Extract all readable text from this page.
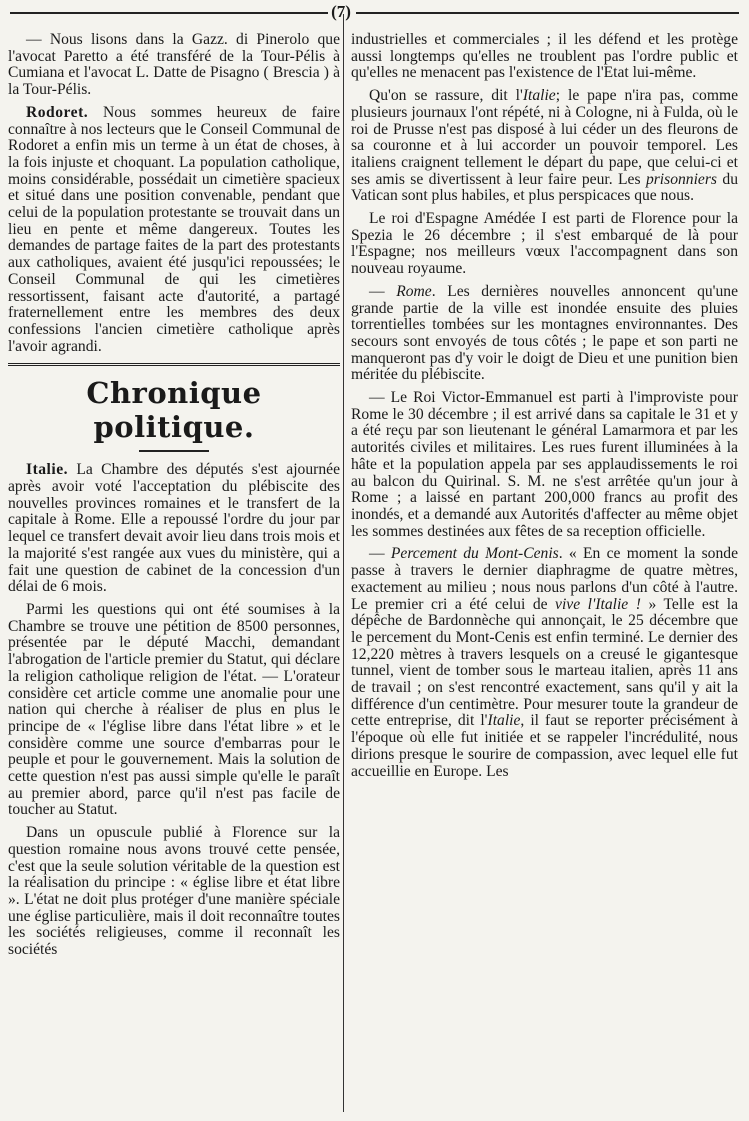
(7)

— Nous lisons dans la Gazz. di Pinerolo que l'avocat Paretto a été transféré de la Tour-Pélis à Cumiana et l'avocat L. Datte de Pisagno ( Brescia ) à la Tour-Pélis.

Rodoret. Nous sommes heureux de faire connaître à nos lecteurs que le Conseil Communal de Rodoret a enfin mis un terme à un état de choses, à la fois injuste et choquant. La population catholique, moins considérable, possédait un cimetière spacieux et situé dans une position convenable, pendant que celui de la population protestante se trouvait dans un lieu en pente et même dangereux. Toutes les demandes de partage faites de la part des protestants aux catholiques, avaient été jusqu'ici repoussées; le Conseil Communal de qui les cimetières ressortissent, faisant acte d'autorité, a partagé fraternellement entre les membres des deux confessions l'ancien cimetière catholique après l'avoir agrandi.

Chronique politique.

Italie. La Chambre des députés s'est ajournée après avoir voté l'acceptation du plébiscite des nouvelles provinces romaines et le transfert de la capitale à Rome. Elle a repoussé l'ordre du jour par lequel ce transfert devait avoir lieu dans trois mois et la majorité s'est rangée aux vues du ministère, qui a fait une question de cabinet de la concession d'un délai de 6 mois.

Parmi les questions qui ont été soumises à la Chambre se trouve une pétition de 8500 personnes, présentée par le député Macchi, demandant l'abrogation de l'article premier du Statut, qui déclare la religion catholique religion de l'état. — L'orateur considère cet article comme une anomalie pour une nation qui cherche à réaliser de plus en plus le principe de « l'église libre dans l'état libre » et le considère comme une source d'embarras pour le peuple et pour le gouvernement. Mais la solution de cette question n'est pas aussi simple qu'elle le paraît au premier abord, parce qu'il n'est pas facile de toucher au Statut.

Dans un opuscule publié à Florence sur la question romaine nous avons trouvé cette pensée, c'est que la seule solution véritable de la question est la réalisation du principe : « église libre et état libre ». L'état ne doit plus protéger d'une manière spéciale une église particulière, mais il doit reconnaître toutes les sociétés religieuses, comme il reconnaît les sociétés

industrielles et commerciales ; il les défend et les protège aussi longtemps qu'elles ne troublent pas l'ordre public et qu'elles ne menacent pas l'existence de l'Etat lui-même.

Qu'on se rassure, dit l'Italie; le pape n'ira pas, comme plusieurs journaux l'ont répété, ni à Cologne, ni à Fulda, où le roi de Prusse n'est pas disposé à lui céder un des fleurons de sa couronne et à lui accorder un pouvoir temporel. Les italiens craignent tellement le départ du pape, que celui-ci et ses amis se divertissent à leur faire peur. Les prisonniers du Vatican sont plus habiles, et plus perspicaces que nous.

Le roi d'Espagne Amédée I est parti de Florence pour la Spezia le 26 décembre ; il s'est embarqué de là pour l'Espagne; nos meilleurs vœux l'accompagnent dans son nouveau royaume.

— Rome. Les dernières nouvelles annoncent qu'une grande partie de la ville est inondée ensuite des pluies torrentielles tombées sur les montagnes environnantes. Des secours sont envoyés de tous côtés ; le pape et son parti ne manqueront pas d'y voir le doigt de Dieu et une punition bien méritée du plébiscite.

— Le Roi Victor-Emmanuel est parti à l'improviste pour Rome le 30 décembre ; il est arrivé dans sa capitale le 31 et y a été reçu par son lieutenant le général Lamarmora et par les autorités civiles et militaires. Les rues furent illuminées à la hâte et la population appela par ses applaudissements le roi au balcon du Quirinal. S. M. ne s'est arrêtée qu'un jour à Rome ; a laissé en partant 200,000 francs au profit des inondés, et a demandé aux Autorités d'affecter au même objet les sommes destinées aux fêtes de sa reception officielle.

— Percement du Mont-Cenis. « En ce moment la sonde passe à travers le dernier diaphragme de quatre mètres, exactement au milieu ; nous nous parlons d'un côté à l'autre. Le premier cri a été celui de vive l'Italie ! » Telle est la dépêche de Bardonnèche qui annonçait, le 25 décembre que le percement du Mont-Cenis est enfin terminé. Le dernier des 12,220 mètres à travers lesquels on a creusé le gigantesque tunnel, vient de tomber sous le marteau italien, après 11 ans de travail ; on s'est rencontré exactement, sans qu'il y ait la différence d'un centimètre. Pour mesurer toute la grandeur de cette entreprise, dit l'Italie, il faut se reporter précisément à l'époque où elle fut initiée et se rappeler l'incrédulité, nous dirions presque le sourire de compassion, avec lequel elle fut accueillie en Europe. Les
